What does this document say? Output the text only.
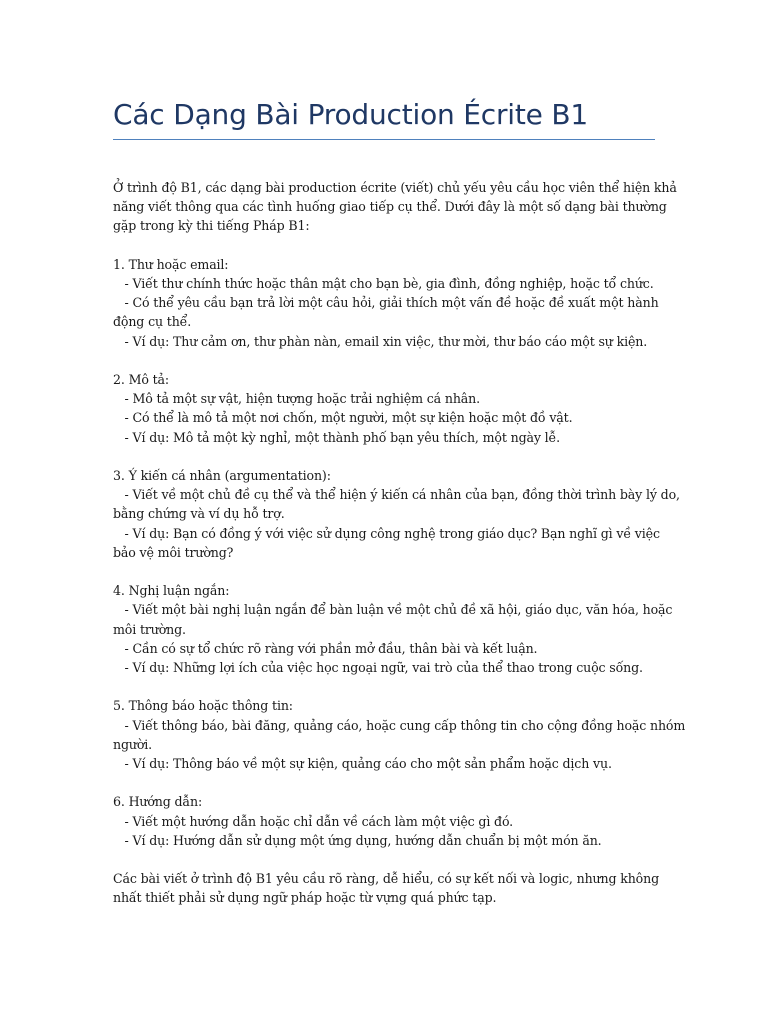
Các Dạng Bài Production Écrite B1
Ở trình độ B1, các dạng bài production écrite (viết) chủ yếu yêu cầu học viên thể hiện khả
năng viết thông qua các tình huống giao tiếp cụ thể. Dưới đây là một số dạng bài thường
gặp trong kỳ thi tiếng Pháp B1:
1. Thư hoặc email:
- Viết thư chính thức hoặc thân mật cho bạn bè, gia đình, đồng nghiệp, hoặc tổ chức.
- Có thể yêu cầu bạn trả lời một câu hỏi, giải thích một vấn đề hoặc đề xuất một hành
động cụ thể.
- Ví dụ: Thư cảm ơn, thư phàn nàn, email xin việc, thư mời, thư báo cáo một sự kiện.
2. Mô tả:
- Mô tả một sự vật, hiện tượng hoặc trải nghiệm cá nhân.
- Có thể là mô tả một nơi chốn, một người, một sự kiện hoặc một đồ vật.
- Ví dụ: Mô tả một kỳ nghỉ, một thành phố bạn yêu thích, một ngày lễ.
3. Ý kiến cá nhân (argumentation):
- Viết về một chủ đề cụ thể và thể hiện ý kiến cá nhân của bạn, đồng thời trình bày lý do,
bằng chứng và ví dụ hỗ trợ.
- Ví dụ: Bạn có đồng ý với việc sử dụng công nghệ trong giáo dục? Bạn nghĩ gì về việc
bảo vệ môi trường?
4. Nghị luận ngắn:
- Viết một bài nghị luận ngắn để bàn luận về một chủ đề xã hội, giáo dục, văn hóa, hoặc
môi trường.
- Cần có sự tổ chức rõ ràng với phần mở đầu, thân bài và kết luận.
- Ví dụ: Những lợi ích của việc học ngoại ngữ, vai trò của thể thao trong cuộc sống.
5. Thông báo hoặc thông tin:
- Viết thông báo, bài đăng, quảng cáo, hoặc cung cấp thông tin cho cộng đồng hoặc nhóm
người.
- Ví dụ: Thông báo về một sự kiện, quảng cáo cho một sản phẩm hoặc dịch vụ.
6. Hướng dẫn:
- Viết một hướng dẫn hoặc chỉ dẫn về cách làm một việc gì đó.
- Ví dụ: Hướng dẫn sử dụng một ứng dụng, hướng dẫn chuẩn bị một món ăn.
Các bài viết ở trình độ B1 yêu cầu rõ ràng, dễ hiểu, có sự kết nối và logic, nhưng không
nhất thiết phải sử dụng ngữ pháp hoặc từ vựng quá phức tạp.
